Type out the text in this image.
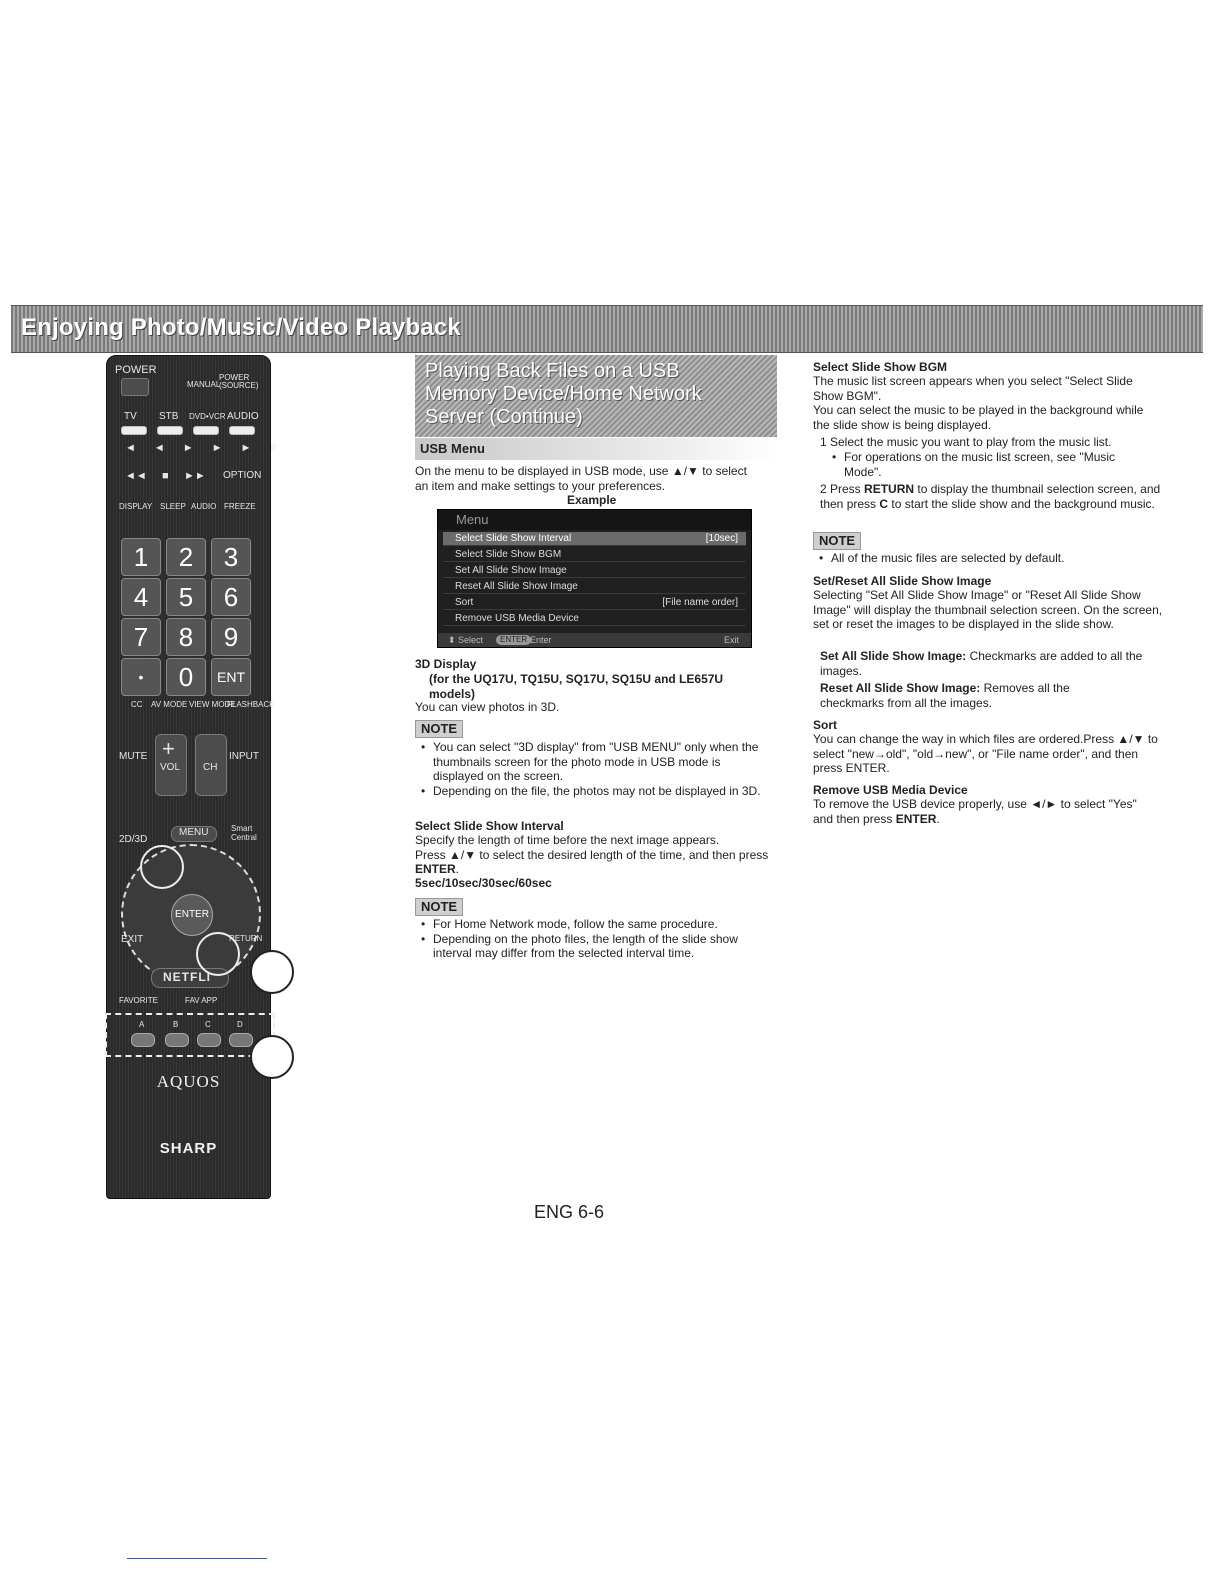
Enjoying Photo/Music/Video Playback
POWER
MANUAL
POWER (SOURCE)
TV STB DVD•VCR AUDIO
◄◄►►►॥
◄◄     ■     ►► OPTION
DISPLAY SLEEP AUDIO FREEZE
1	2	3
4	5	6
7	8	9
•	0	ENT
CC AV MODE VIEW MODE
FLASHBACK
MUTE +
VOL CH
INPUT
2D/3D
MENU	Smart Central
ENTER
EXIT	RETURN
NETFLI
FAVORITE	FAV APP
A	B	C	D
AQUOS
SHARP
Playing Back Files on a USB Memory Device/Home Network Server (Continue)
USB Menu
On the menu to be displayed in USB mode, use ▲/▼ to select an item and make settings to your preferences.
Example
Menu
Select Slide Show Interval	[10sec]
Select Slide Show BGM
Set All Slide Show Image
Reset All Slide Show Image
Sort	[File name order]
Remove USB Media Device
⬍ Select	ENTER Enter	Exit
3D Display
(for the UQ17U, TQ15U, SQ17U, SQ15U and LE657U models)
You can view photos in 3D.
NOTE
• You can select "3D display" from "USB MENU" only when the thumbnails screen for the photo mode in USB mode is displayed on the screen.
• Depending on the file, the photos may not be displayed in 3D.
Select Slide Show Interval
Specify the length of time before the next image appears.
Press ▲/▼ to select the desired length of the time, and then press ENTER.
5sec/10sec/30sec/60sec
NOTE
• For Home Network mode, follow the same procedure.
• Depending on the photo files, the length of the slide show interval may differ from the selected interval time.
Select Slide Show BGM
The music list screen appears when you select "Select Slide Show BGM".
You can select the music to be played in the background while the slide show is being displayed.
1 Select the music you want to play from the music list.
• For operations on the music list screen, see "Music Mode".
2 Press RETURN to display the thumbnail selection screen, and then press C to start the slide show and the background music.
NOTE
• All of the music files are selected by default.
Set/Reset All Slide Show Image
Selecting "Set All Slide Show Image" or "Reset All Slide Show Image" will display the thumbnail selection screen. On the screen, set or reset the images to be displayed in the slide show.
Set All Slide Show Image: Checkmarks are added to all the images.
Reset All Slide Show Image: Removes all the checkmarks from all the images.
Sort
You can change the way in which files are ordered.Press ▲/▼ to select "new→old", "old→new", or "File name order", and then press ENTER.
Remove USB Media Device
To remove the USB device properly, use ◄/► to select "Yes" and then press ENTER.
ENG 6-6
